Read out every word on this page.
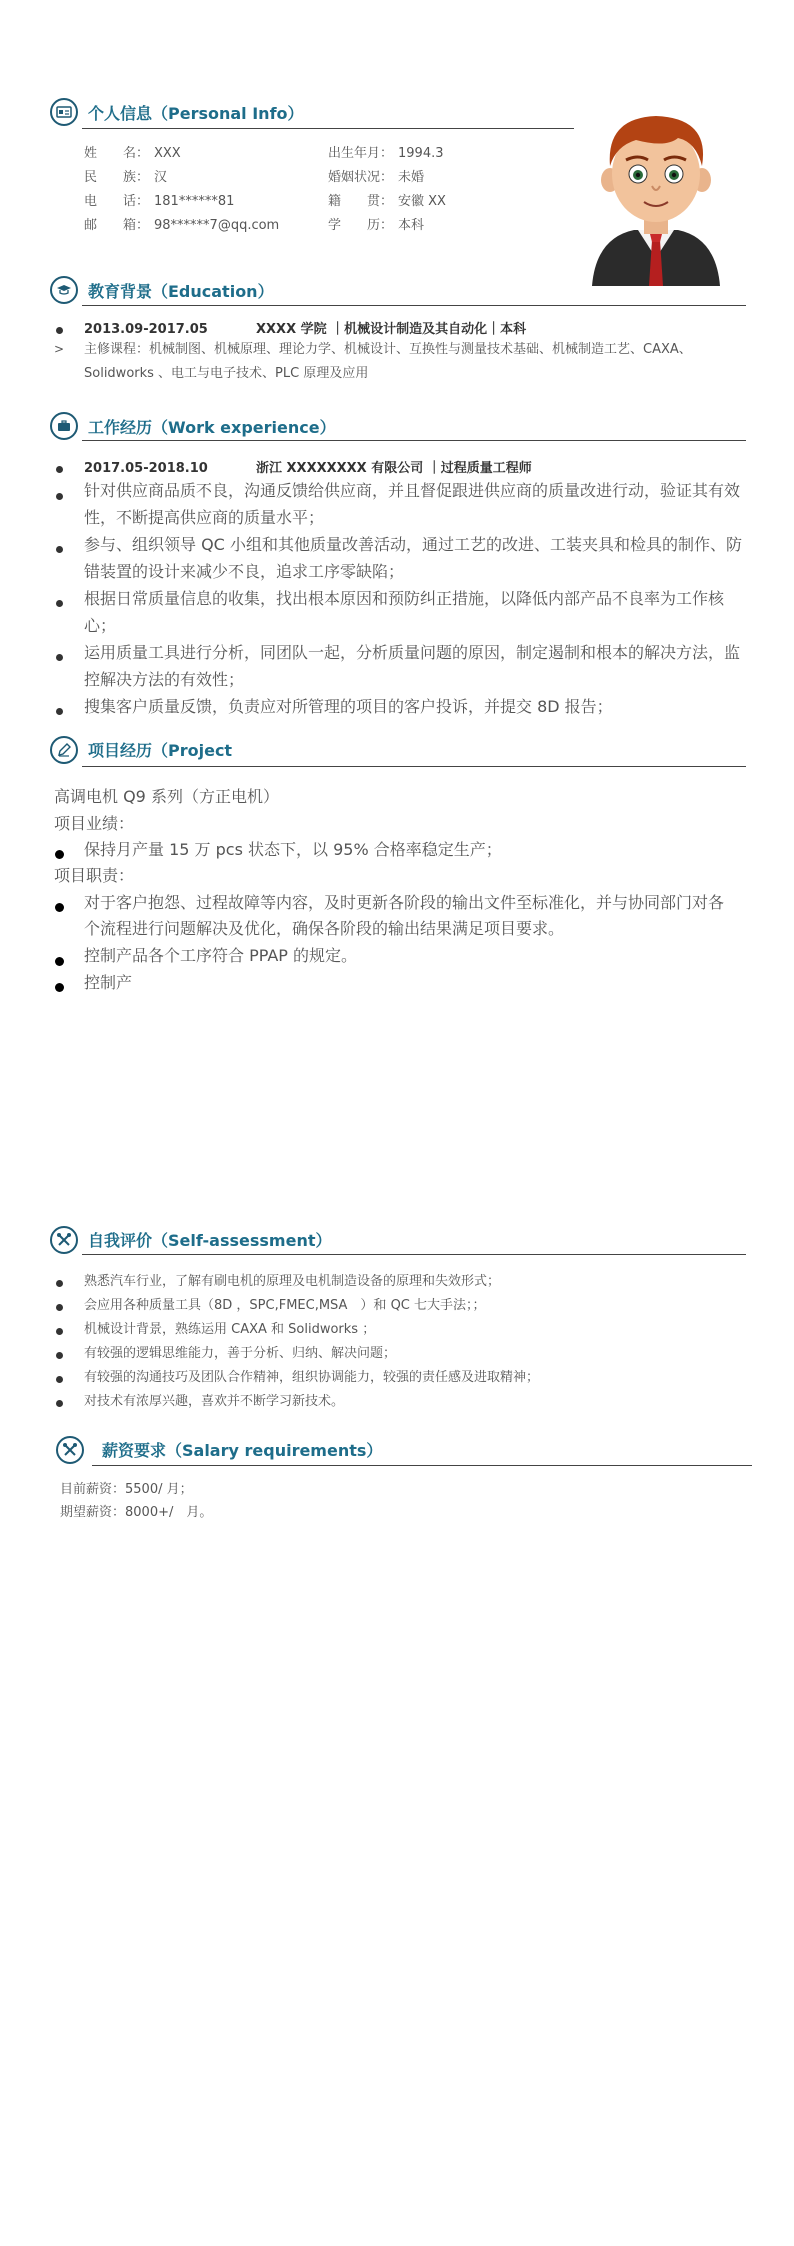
个人信息（Personal Info）
姓　　名： XXX
民　　族： 汉
电　　话： 181******81
邮　　箱： 98******7@qq.com
出生年月： 1994.3
婚姻状况： 未婚
籍　　贯： 安徽 XX
学　　历： 本科
教育背景（Education）
2013.09-2017.05	XXXX 学院 ｜机械设计制造及其自动化｜本科
> 主修课程：机械制图、机械原理、理论力学、机械设计、互换性与测量技术基础、机械制造工艺、CAXA、
Solidworks 、电工与电子技术、PLC 原理及应用
工作经历（Work experience）
2017.05-2018.10	浙江 XXXXXXXX 有限公司 ｜过程质量工程师
针对供应商品质不良，沟通反馈给供应商，并且督促跟进供应商的质量改进行动，验证其有效
性，不断提高供应商的质量水平；
参与、组织领导 QC 小组和其他质量改善活动，通过工艺的改进、工装夹具和检具的制作、防
错装置的设计来减少不良，追求工序零缺陷；
根据日常质量信息的收集，找出根本原因和预防纠正措施，以降低内部产品不良率为工作核
心；
运用质量工具进行分析，同团队一起，分析质量问题的原因，制定遏制和根本的解决方法，监
控解决方法的有效性；
搜集客户质量反馈，负责应对所管理的项目的客户投诉，并提交 8D 报告；
项目经历（Project
高调电机 Q9 系列（方正电机）
项目业绩：
保持月产量 15 万 pcs 状态下，以 95% 合格率稳定生产；
项目职责：
对于客户抱怨、过程故障等内容，及时更新各阶段的输出文件至标准化，并与协同部门对各
个流程进行问题解决及优化，确保各阶段的输出结果满足项目要求。
控制产品各个工序符合 PPAP 的规定。
控制产
自我评价（Self-assessment）
熟悉汽车行业，了解有刷电机的原理及电机制造设备的原理和失效形式；
会应用各种质量工具（8D ，SPC,FMEC,MSA　）和 QC 七大手法；；
机械设计背景，熟练运用 CAXA 和 Solidworks ；
有较强的逻辑思维能力，善于分析、归纳、解决问题；
有较强的沟通技巧及团队合作精神，组织协调能力，较强的责任感及进取精神；
对技术有浓厚兴趣，喜欢并不断学习新技术。
薪资要求（Salary requirements）
目前薪资：5500/ 月；
期望薪资：8000+/　月。
